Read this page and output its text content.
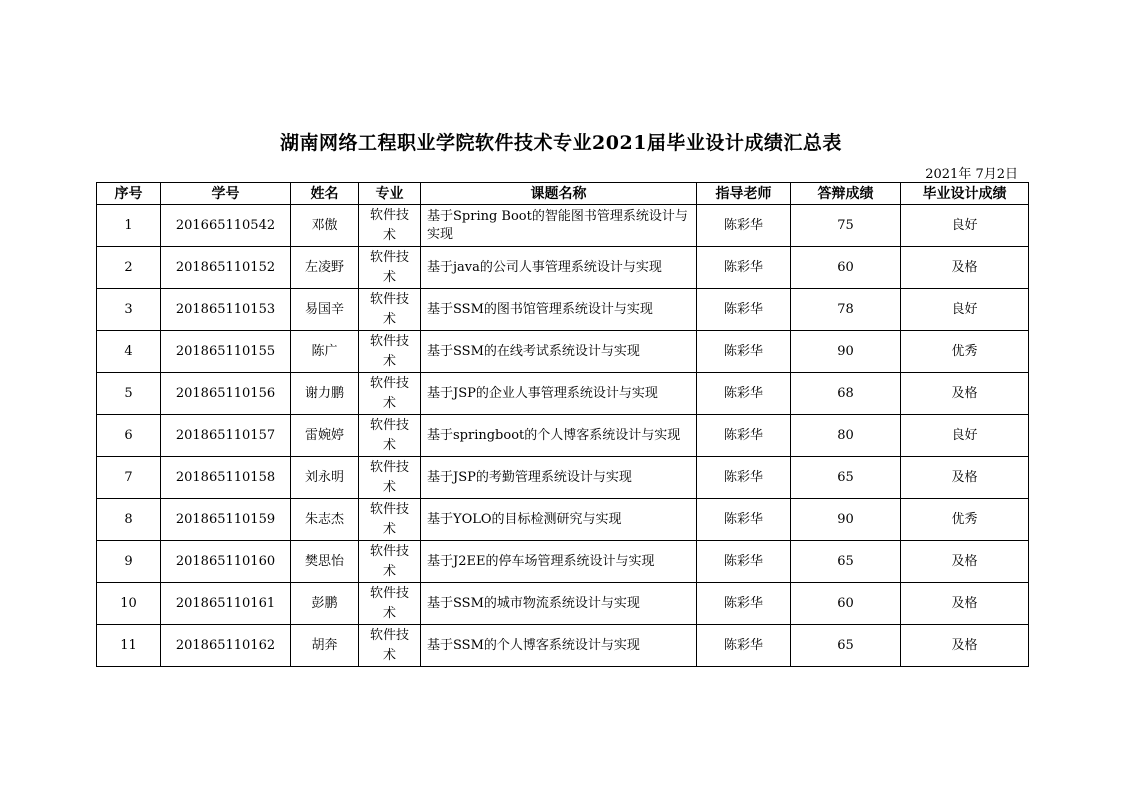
湖南网络工程职业学院软件技术专业2021届毕业设计成绩汇总表
2021年 7月2日
序号	学号	姓名	专业	课题名称	指导老师	答辩成绩	毕业设计成绩
1	201665110542	邓傲	软件技术	基于Spring Boot的智能图书管理系统设计与实现	陈彩华	75	良好
2	201865110152	左凌野	软件技术	基于java的公司人事管理系统设计与实现	陈彩华	60	及格
3	201865110153	易国辛	软件技术	基于SSM的图书馆管理系统设计与实现	陈彩华	78	良好
4	201865110155	陈广	软件技术	基于SSM的在线考试系统设计与实现	陈彩华	90	优秀
5	201865110156	谢力鹏	软件技术	基于JSP的企业人事管理系统设计与实现	陈彩华	68	及格
6	201865110157	雷婉婷	软件技术	基于springboot的个人博客系统设计与实现	陈彩华	80	良好
7	201865110158	刘永明	软件技术	基于JSP的考勤管理系统设计与实现	陈彩华	65	及格
8	201865110159	朱志杰	软件技术	基于YOLO的目标检测研究与实现	陈彩华	90	优秀
9	201865110160	樊思怡	软件技术	基于J2EE的停车场管理系统设计与实现	陈彩华	65	及格
10	201865110161	彭鹏	软件技术	基于SSM的城市物流系统设计与实现	陈彩华	60	及格
11	201865110162	胡奔	软件技术	基于SSM的个人博客系统设计与实现	陈彩华	65	及格
